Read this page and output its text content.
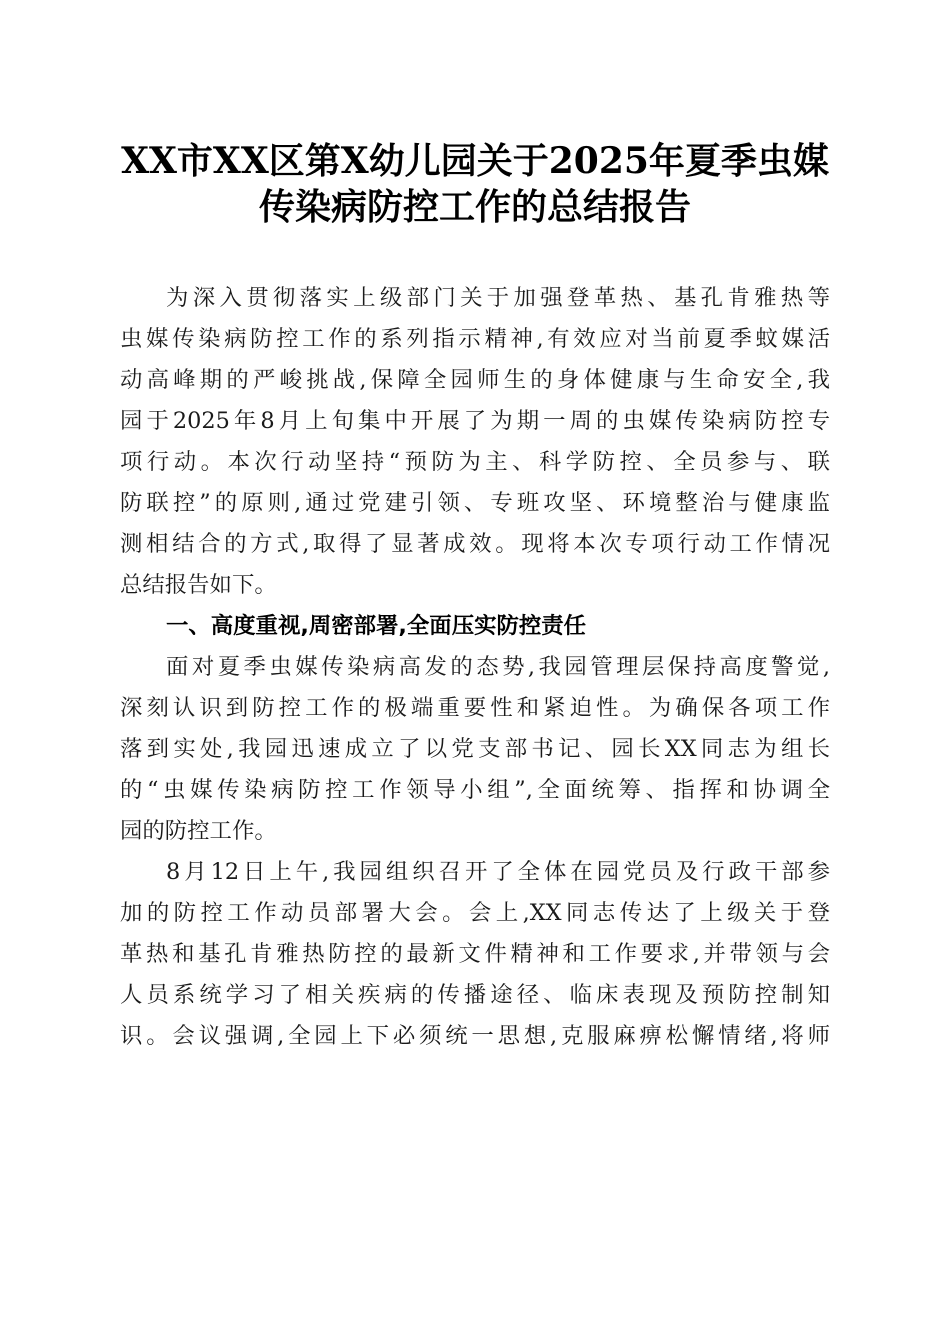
XX市XX区第X幼儿园关于2025年夏季虫媒
传染病防控工作的总结报告
为深入贯彻落实上级部门关于加强登革热、基孔肯雅热等
虫媒传染病防控工作的系列指示精神,有效应对当前夏季蚊媒活
动高峰期的严峻挑战,保障全园师生的身体健康与生命安全,我
园于2025年8月上旬集中开展了为期一周的虫媒传染病防控专
项行动。本次行动坚持“预防为主、科学防控、全员参与、联
防联控”的原则,通过党建引领、专班攻坚、环境整治与健康监
测相结合的方式,取得了显著成效。现将本次专项行动工作情况
总结报告如下。
一、高度重视,周密部署,全面压实防控责任
面对夏季虫媒传染病高发的态势,我园管理层保持高度警觉,
深刻认识到防控工作的极端重要性和紧迫性。为确保各项工作
落到实处,我园迅速成立了以党支部书记、园长XX同志为组长
的“虫媒传染病防控工作领导小组”,全面统筹、指挥和协调全
园的防控工作。
8月12日上午,我园组织召开了全体在园党员及行政干部参
加的防控工作动员部署大会。会上,XX同志传达了上级关于登
革热和基孔肯雅热防控的最新文件精神和工作要求,并带领与会
人员系统学习了相关疾病的传播途径、临床表现及预防控制知
识。会议强调,全园上下必须统一思想,克服麻痹松懈情绪,将师
